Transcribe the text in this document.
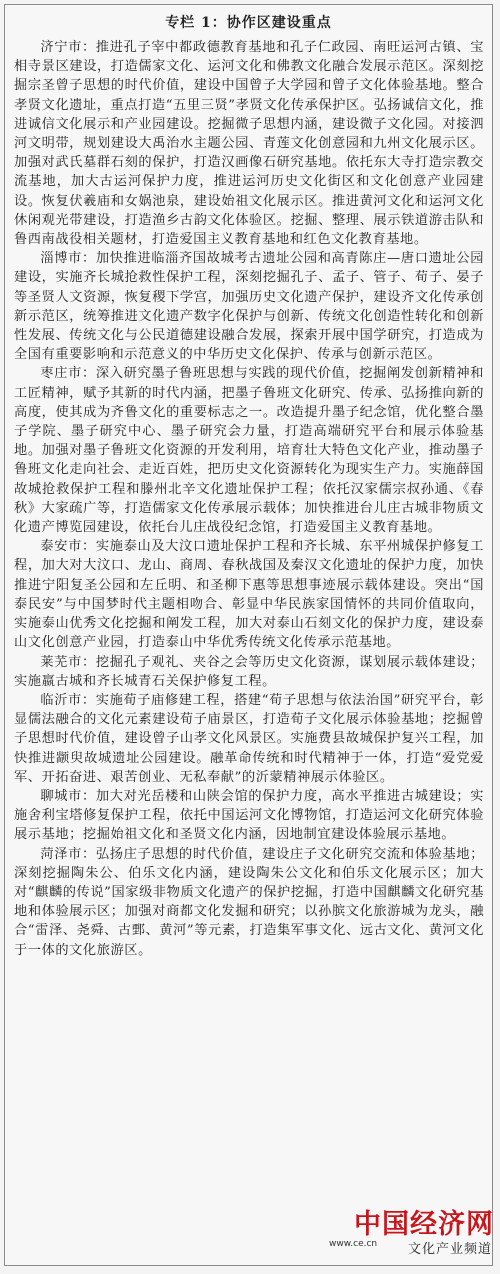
专栏 1：协作区建设重点

济宁市：推进孔子宰中都政德教育基地和孔子仁政园、南旺运河古镇、宝相寺景区建设，打造儒家文化、运河文化和佛教文化融合发展示范区。深刻挖掘宗圣曾子思想的时代价值，建设中国曾子大学园和曾子文化体验基地。整合孝贤文化遗址，重点打造“五里三贤”孝贤文化传承保护区。弘扬诚信文化，推进诚信文化展示和产业园建设。挖掘微子思想内涵，建设微子文化园。对接泗河文明带，规划建设大禹治水主题公园、青莲文化创意园和九州文化展示区。加强对武氏墓群石刻的保护，打造汉画像石研究基地。依托东大寺打造宗教交流基地，加大古运河保护力度，推进运河历史文化街区和文化创意产业园建设。恢复伏羲庙和女娲池泉，建设始祖文化展示区。推进黄河文化和运河文化休闲观光带建设，打造渔乡古韵文化体验区。挖掘、整理、展示铁道游击队和鲁西南战役相关题材，打造爱国主义教育基地和红色文化教育基地。

淄博市：加快推进临淄齐国故城考古遗址公园和高青陈庄—唐口遗址公园建设，实施齐长城抢救性保护工程，深刻挖掘孔子、孟子、管子、荀子、晏子等圣贤人文资源，恢复稷下学宫，加强历史文化遗产保护，建设齐文化传承创新示范区，统筹推进文化遗产数字化保护与创新、传统文化创造性转化和创新性发展、传统文化与公民道德建设融合发展，探索开展中国学研究，打造成为全国有重要影响和示范意义的中华历史文化保护、传承与创新示范区。

枣庄市：深入研究墨子鲁班思想与实践的现代价值，挖掘阐发创新精神和工匠精神，赋予其新的时代内涵，把墨子鲁班文化研究、传承、弘扬推向新的高度，使其成为齐鲁文化的重要标志之一。改造提升墨子纪念馆，优化整合墨子学院、墨子研究中心、墨子研究会力量，打造高端研究平台和展示体验基地。加强对墨子鲁班文化资源的开发利用，培育壮大特色文化产业，推动墨子鲁班文化走向社会、走近百姓，把历史文化资源转化为现实生产力。实施薛国故城抢救保护工程和滕州北辛文化遗址保护工程；依托汉家儒宗叔孙通、《春秋》大家疏广等，打造儒家文化传承展示载体；加快推进台儿庄古城非物质文化遗产博览园建设，依托台儿庄战役纪念馆，打造爱国主义教育基地。

泰安市：实施泰山及大汶口遗址保护工程和齐长城、东平州城保护修复工程，加大对大汶口、龙山、商周、春秋战国及秦汉文化遗址的保护力度，加快推进宁阳复圣公园和左丘明、和圣柳下惠等思想事迹展示载体建设。突出“国泰民安”与中国梦时代主题相吻合、彰显中华民族家国情怀的共同价值取向，实施泰山优秀文化挖掘和阐发工程，加大对泰山石刻文化的保护力度，建设泰山文化创意产业园，打造泰山中华优秀传统文化传承示范基地。

莱芜市：挖掘孔子观礼、夹谷之会等历史文化资源，谋划展示载体建设；实施嬴古城和齐长城青石关保护修复工程。

临沂市：实施荀子庙修建工程，搭建“荀子思想与依法治国”研究平台，彰显儒法融合的文化元素建设荀子庙景区，打造荀子文化展示体验基地；挖掘曾子思想时代价值，建设曾子山孝文化风景区。实施费县故城保护复兴工程，加快推进颛臾故城遗址公园建设。融革命传统和时代精神于一体，打造“爱党爱军、开拓奋进、艰苦创业、无私奉献”的沂蒙精神展示体验区。

聊城市：加大对光岳楼和山陕会馆的保护力度，高水平推进古城建设；实施舍利宝塔修复保护工程，依托中国运河文化博物馆，打造运河文化研究体验展示基地；挖掘始祖文化和圣贤文化内涵，因地制宜建设体验展示基地。

菏泽市：弘扬庄子思想的时代价值，建设庄子文化研究交流和体验基地；深刻挖掘陶朱公、伯乐文化内涵，建设陶朱公文化和伯乐文化展示区；加大对“麒麟的传说”国家级非物质文化遗产的保护挖掘，打造中国麒麟文化研究基地和体验展示区；加强对商都文化发掘和研究；以孙膑文化旅游城为龙头，融合“雷泽、尧舜、古鄄、黄河”等元素，打造集军事文化、远古文化、黄河文化于一体的文化旅游区。

中国经济网
www.ce.cn 文化产业频道
